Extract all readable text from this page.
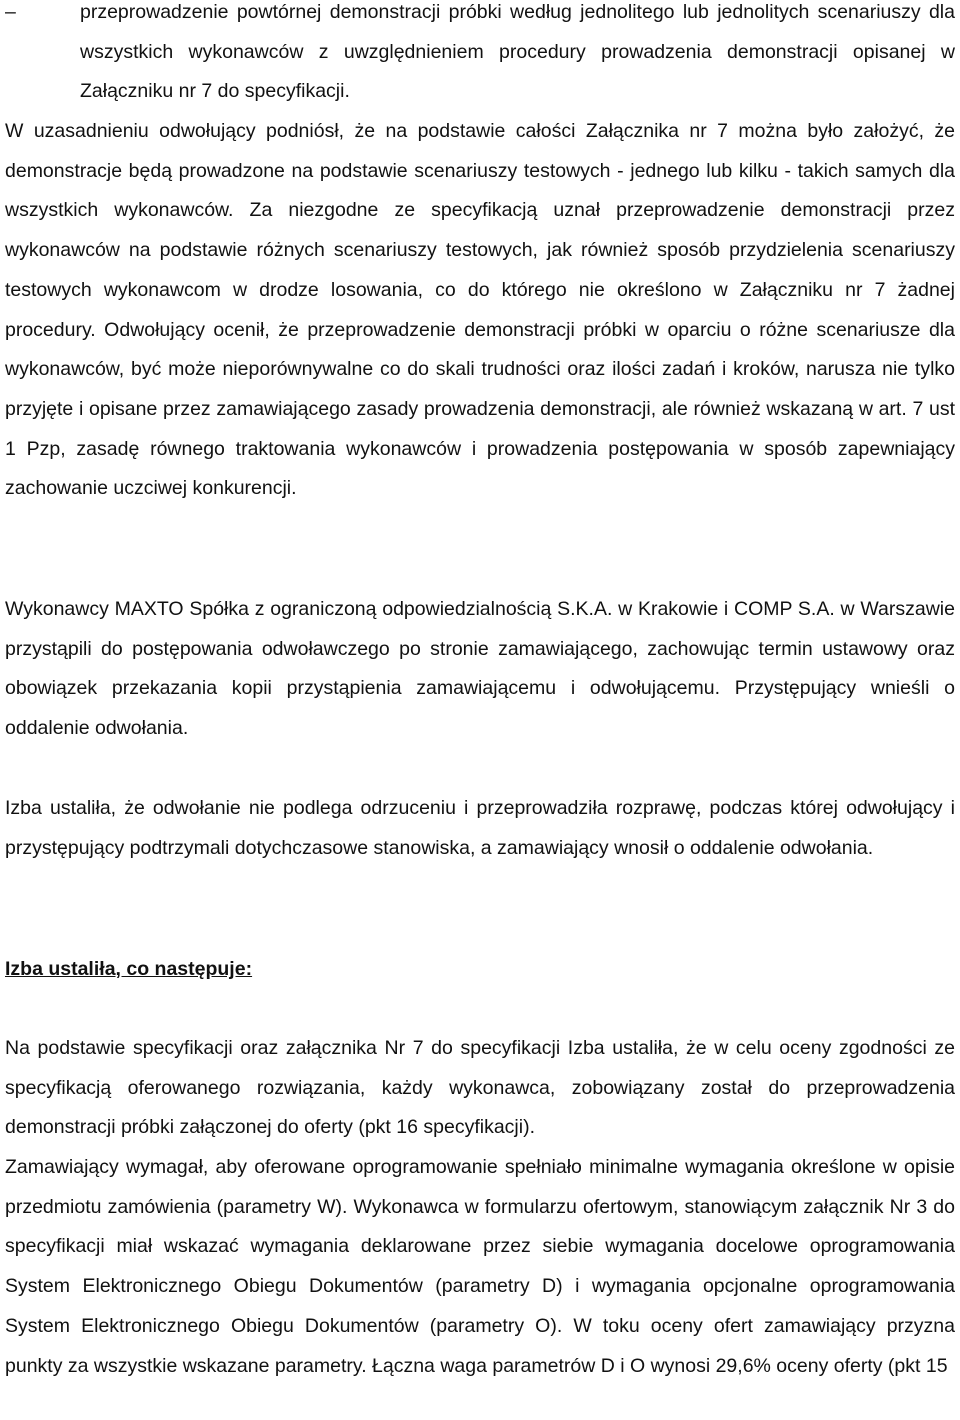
–	przeprowadzenie powtórnej demonstracji próbki według jednolitego lub jednolitych scenariuszy dla wszystkich wykonawców z uwzględnieniem procedury prowadzenia demonstracji opisanej w Załączniku nr 7 do specyfikacji.

W uzasadnieniu odwołujący podniósł, że na podstawie całości Załącznika nr 7 można było założyć, że demonstracje będą prowadzone na podstawie scenariuszy testowych - jednego lub kilku - takich samych dla wszystkich wykonawców. Za niezgodne ze specyfikacją uznał przeprowadzenie demonstracji przez wykonawców na podstawie różnych scenariuszy testowych, jak również sposób przydzielenia scenariuszy testowych wykonawcom w drodze losowania, co do którego nie określono w Załączniku nr 7 żadnej procedury. Odwołujący ocenił, że przeprowadzenie demonstracji próbki w oparciu o różne scenariusze dla wykonawców, być może nieporównywalne co do skali trudności oraz ilości zadań i kroków, narusza nie tylko przyjęte i opisane przez zamawiającego zasady prowadzenia demonstracji, ale również wskazaną w art. 7 ust 1 Pzp, zasadę równego traktowania wykonawców i prowadzenia postępowania w sposób zapewniający zachowanie uczciwej konkurencji.

Wykonawcy MAXTO Spółka z ograniczoną odpowiedzialnością S.K.A. w Krakowie i COMP S.A. w Warszawie przystąpili do postępowania odwoławczego po stronie zamawiającego, zachowując termin ustawowy oraz obowiązek przekazania kopii przystąpienia zamawiającemu i odwołującemu. Przystępujący wnieśli o oddalenie odwołania.

Izba ustaliła, że odwołanie nie podlega odrzuceniu i przeprowadziła rozprawę, podczas której odwołujący i przystępujący podtrzymali dotychczasowe stanowiska, a zamawiający wnosił o oddalenie odwołania.

Izba ustaliła, co następuje:

Na podstawie specyfikacji oraz załącznika Nr 7 do specyfikacji Izba ustaliła, że w celu oceny zgodności ze specyfikacją oferowanego rozwiązania, każdy wykonawca, zobowiązany został do przeprowadzenia demonstracji próbki załączonej do oferty (pkt 16 specyfikacji).

Zamawiający wymagał, aby oferowane oprogramowanie spełniało minimalne wymagania określone w opisie przedmiotu zamówienia (parametry W). Wykonawca w formularzu ofertowym, stanowiącym załącznik Nr 3 do specyfikacji miał wskazać wymagania deklarowane przez siebie wymagania docelowe oprogramowania System Elektronicznego Obiegu Dokumentów (parametry D) i wymagania opcjonalne oprogramowania System Elektronicznego Obiegu Dokumentów (parametry O). W toku oceny ofert zamawiający przyzna punkty za wszystkie wskazane parametry. Łączna waga parametrów D i O wynosi 29,6% oceny oferty (pkt 15
